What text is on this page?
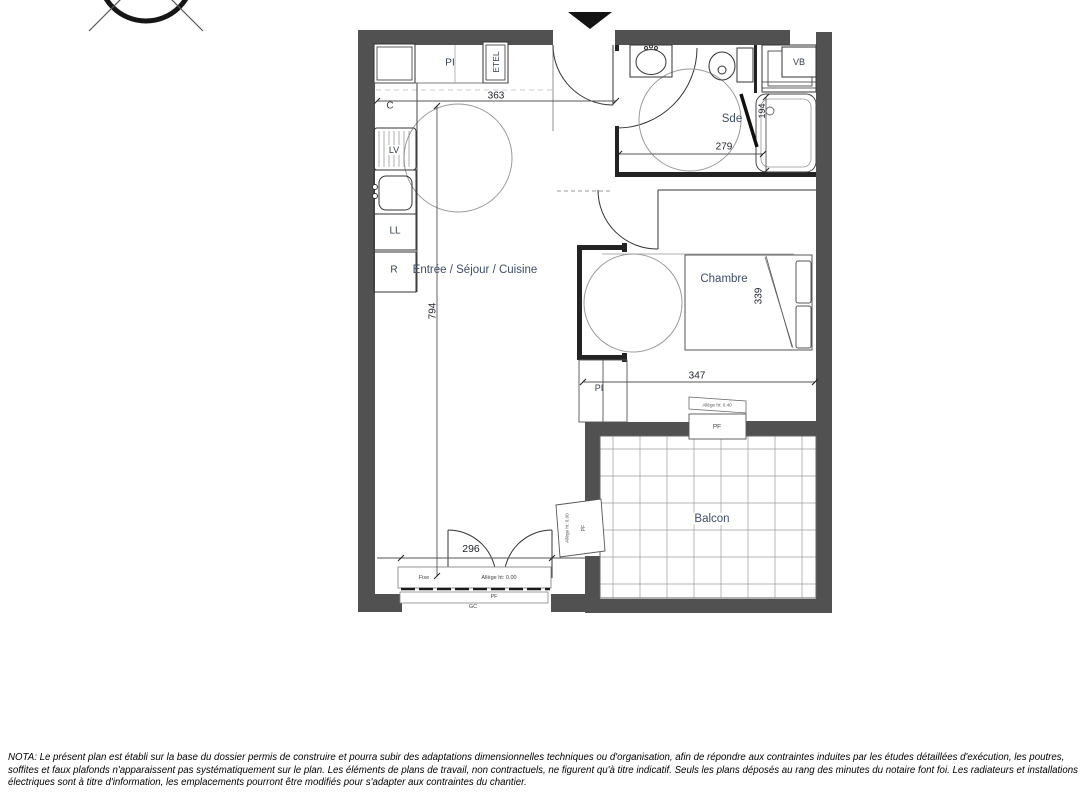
Entrée / Séjour / Cuisine
Sde
Chambre
Balcon
C
LV
LL
R
PI	ETEL
PI
VB
363
794
279
194
339
347
296
Fixe	Allège ht: 0.00
PF
GC
PF
Allège ht: 0.00
PF
Allège ht: 0.40

NOTA: Le présent plan est établi sur la base du dossier permis de construire et pourra subir des adaptations dimensionnelles techniques ou d'organisation, afin de répondre aux contraintes induites par les études détaillées d'exécution, les poutres, soffites et faux plafonds n'apparaissent pas systématiquement sur le plan. Les éléments de plans de travail, non contractuels, ne figurent qu'à titre indicatif. Seuls les plans déposés au rang des minutes du notaire font foi. Les radiateurs et installations électriques sont à titre d'information, les emplacements pourront être modifiés pour s'adapter aux contraintes du chantier.
